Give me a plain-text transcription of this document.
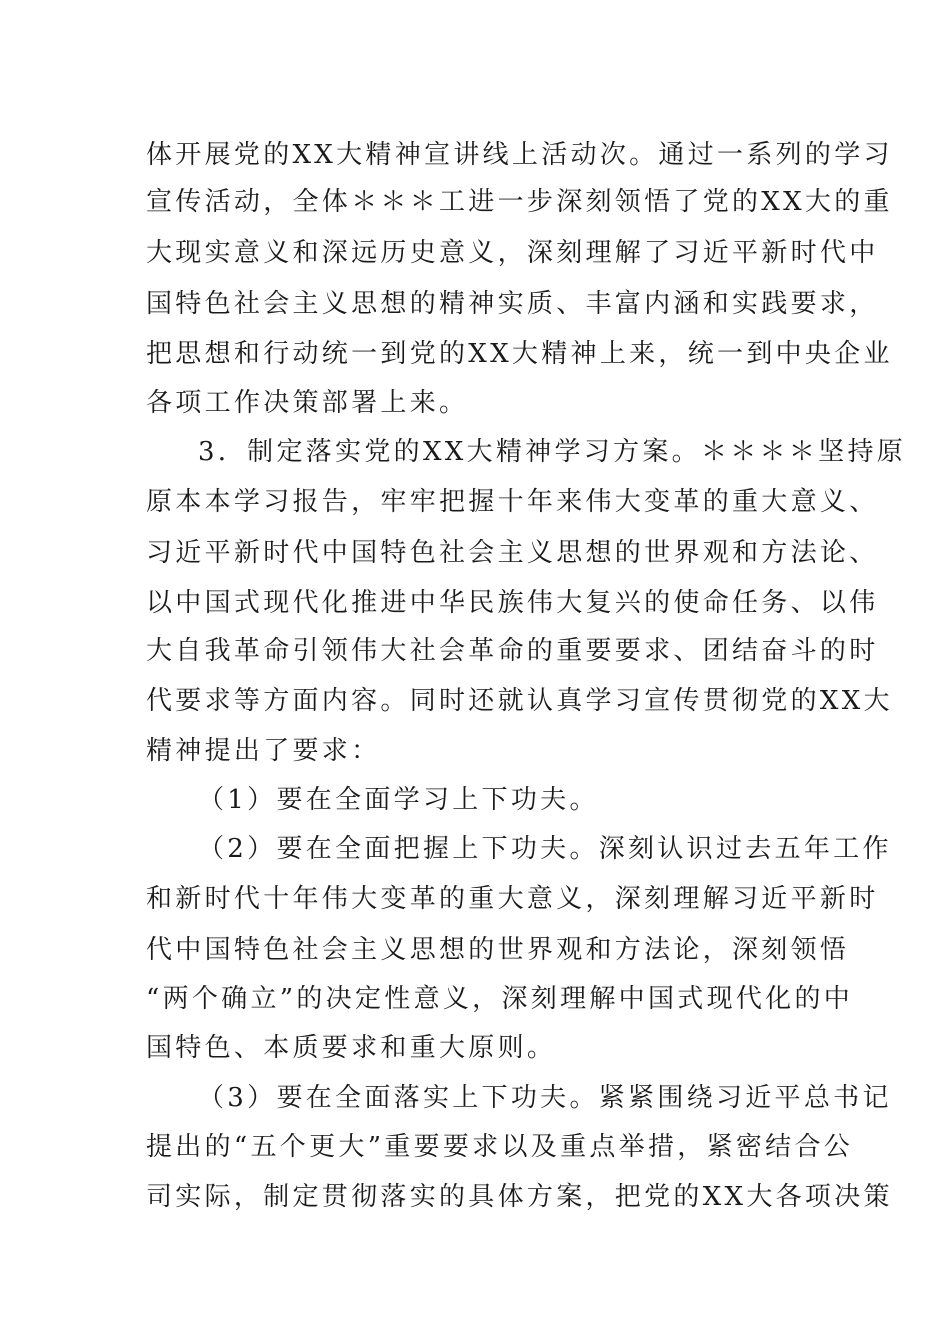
体开展党的XX大精神宣讲线上活动次。通过一系列的学习
宣传活动，全体＊＊＊工进一步深刻领悟了党的XX大的重
大现实意义和深远历史意义，深刻理解了习近平新时代中
国特色社会主义思想的精神实质、丰富内涵和实践要求，
把思想和行动统一到党的XX大精神上来，统一到中央企业
各项工作决策部署上来。
3．制定落实党的XX大精神学习方案。＊＊＊＊坚持原
原本本学习报告，牢牢把握十年来伟大变革的重大意义、
习近平新时代中国特色社会主义思想的世界观和方法论、
以中国式现代化推进中华民族伟大复兴的使命任务、以伟
大自我革命引领伟大社会革命的重要要求、团结奋斗的时
代要求等方面内容。同时还就认真学习宣传贯彻党的XX大
精神提出了要求：
（1）要在全面学习上下功夫。
（2）要在全面把握上下功夫。深刻认识过去五年工作
和新时代十年伟大变革的重大意义，深刻理解习近平新时
代中国特色社会主义思想的世界观和方法论，深刻领悟
“两个确立”的决定性意义，深刻理解中国式现代化的中
国特色、本质要求和重大原则。
（3）要在全面落实上下功夫。紧紧围绕习近平总书记
提出的“五个更大”重要要求以及重点举措，紧密结合公
司实际，制定贯彻落实的具体方案，把党的XX大各项决策
